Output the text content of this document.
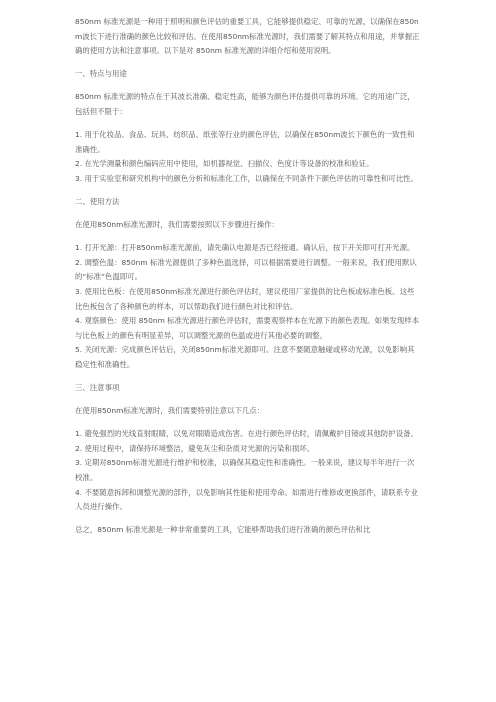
850nm 标准光源是一种用于照明和颜色评估的重要工具，它能够提供稳定、可靠的光源，以确保在850nm波长下进行准确的颜色比较和评估。在使用850nm标准光源时，我们需要了解其特点和用途，并掌握正确的使用方法和注意事项。以下是对 850nm 标准光源的详细介绍和使用说明。

一、特点与用途

850nm 标准光源的特点在于其波长准确、稳定性高，能够为颜色评估提供可靠的环境。它的用途广泛，包括但不限于：

1. 用于化妆品、食品、玩具、纺织品、纸张等行业的颜色评估，以确保在850nm波长下颜色的一致性和准确性。

2. 在光学测量和颜色编码应用中使用，如机器视觉、扫描仪、色度计等设备的校准和验证。

3. 用于实验室和研究机构中的颜色分析和标准化工作，以确保在不同条件下颜色评估的可靠性和可比性。

二、使用方法

在使用850nm标准光源时，我们需要按照以下步骤进行操作：

1. 打开光源：打开850nm标准光源前，请先确认电源是否已经接通。确认后，按下开关即可打开光源。

2. 调整色温：850nm 标准光源提供了多种色温选择，可以根据需要进行调整。一般来说，我们使用默认的“标准”色温即可。

3. 使用比色板：在使用850nm标准光源进行颜色评估时，建议使用厂家提供的比色板或标准色板。这些比色板包含了各种颜色的样本，可以帮助我们进行颜色对比和评估。

4. 观察颜色：使用 850nm 标准光源进行颜色评估时，需要观察样本在光源下的颜色表现。如果发现样本与比色板上的颜色有明显差异，可以调整光源的色温或进行其他必要的调整。

5. 关闭光源：完成颜色评估后，关闭850nm标准光源即可。注意不要随意触碰或移动光源，以免影响其稳定性和准确性。

三、注意事项

在使用850nm标准光源时，我们需要特别注意以下几点：

1. 避免强烈的光线直射眼睛，以免对眼睛造成伤害。在进行颜色评估时，请佩戴护目镜或其他防护设备。

2. 使用过程中，请保持环境整洁，避免灰尘和杂质对光源的污染和损坏。

3. 定期对850nm标准光源进行维护和校准，以确保其稳定性和准确性。一般来说，建议每半年进行一次校准。

4. 不要随意拆卸和调整光源的部件，以免影响其性能和使用寿命。如需进行维修或更换部件，请联系专业人员进行操作。

总之，850nm 标准光源是一种非常重要的工具，它能够帮助我们进行准确的颜色评估和比
